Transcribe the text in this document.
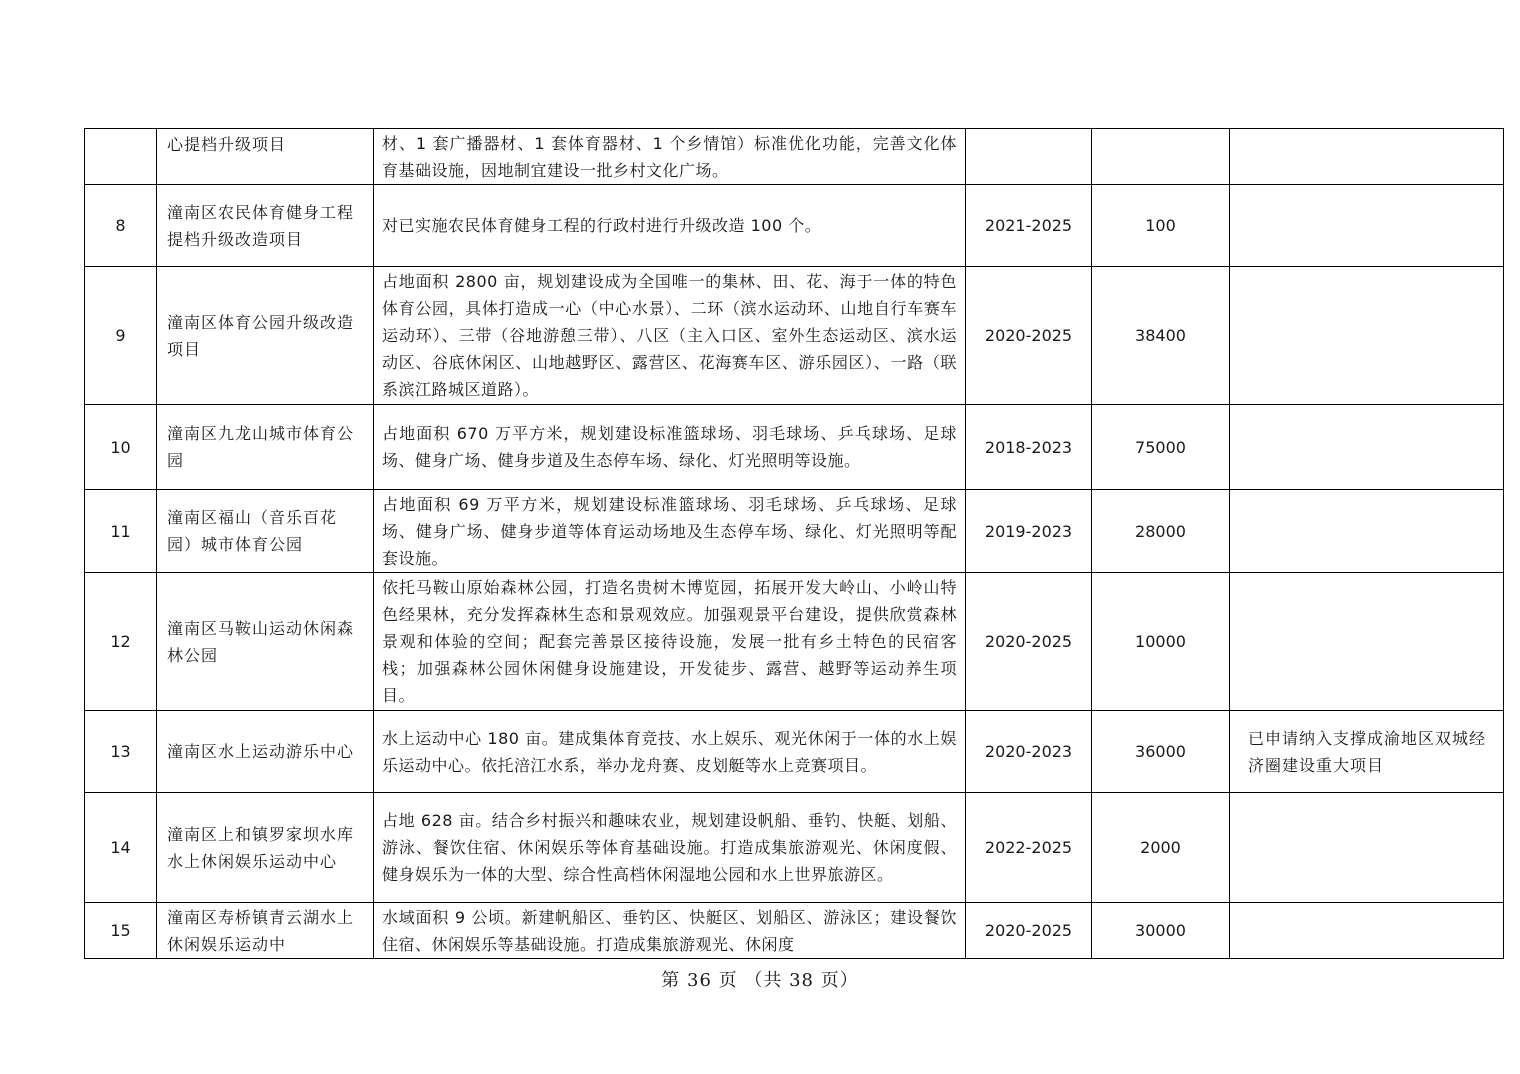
	心提档升级项目	材、1 套广播器材、1 套体育器材、1 个乡情馆）标准优化功能，完善文化体育基础设施，因地制宜建设一批乡村文化广场。			
8	潼南区农民体育健身工程提档升级改造项目	对已实施农民体育健身工程的行政村进行升级改造 100 个。	2021-2025	100	
9	潼南区体育公园升级改造项目	占地面积 2800 亩，规划建设成为全国唯一的集林、田、花、海于一体的特色体育公园，具体打造成一心（中心水景）、二环（滨水运动环、山地自行车赛车运动环）、三带（谷地游憩三带）、八区（主入口区、室外生态运动区、滨水运动区、谷底休闲区、山地越野区、露营区、花海赛车区、游乐园区）、一路（联系滨江路城区道路）。	2020-2025	38400	
10	潼南区九龙山城市体育公园	占地面积 670 万平方米，规划建设标准篮球场、羽毛球场、乒乓球场、足球场、健身广场、健身步道及生态停车场、绿化、灯光照明等设施。	2018-2023	75000	
11	潼南区福山（音乐百花园）城市体育公园	占地面积 69 万平方米，规划建设标准篮球场、羽毛球场、乒乓球场、足球场、健身广场、健身步道等体育运动场地及生态停车场、绿化、灯光照明等配套设施。	2019-2023	28000	
12	潼南区马鞍山运动休闲森林公园	依托马鞍山原始森林公园，打造名贵树木博览园，拓展开发大岭山、小岭山特色经果林，充分发挥森林生态和景观效应。加强观景平台建设，提供欣赏森林景观和体验的空间；配套完善景区接待设施，发展一批有乡土特色的民宿客栈；加强森林公园休闲健身设施建设，开发徒步、露营、越野等运动养生项目。	2020-2025	10000	
13	潼南区水上运动游乐中心	水上运动中心 180 亩。建成集体育竞技、水上娱乐、观光休闲于一体的水上娱乐运动中心。依托涪江水系，举办龙舟赛、皮划艇等水上竞赛项目。	2020-2023	36000	已申请纳入支撑成渝地区双城经济圈建设重大项目
14	潼南区上和镇罗家坝水库水上休闲娱乐运动中心	占地 628 亩。结合乡村振兴和趣味农业，规划建设帆船、垂钓、快艇、划船、游泳、餐饮住宿、休闲娱乐等体育基础设施。打造成集旅游观光、休闲度假、健身娱乐为一体的大型、综合性高档休闲湿地公园和水上世界旅游区。	2022-2025	2000	
15	潼南区寿桥镇青云湖水上休闲娱乐运动中	水域面积 9 公顷。新建帆船区、垂钓区、快艇区、划船区、游泳区；建设餐饮住宿、休闲娱乐等基础设施。打造成集旅游观光、休闲度	2020-2025	30000	
第 36 页 （共 38 页）
